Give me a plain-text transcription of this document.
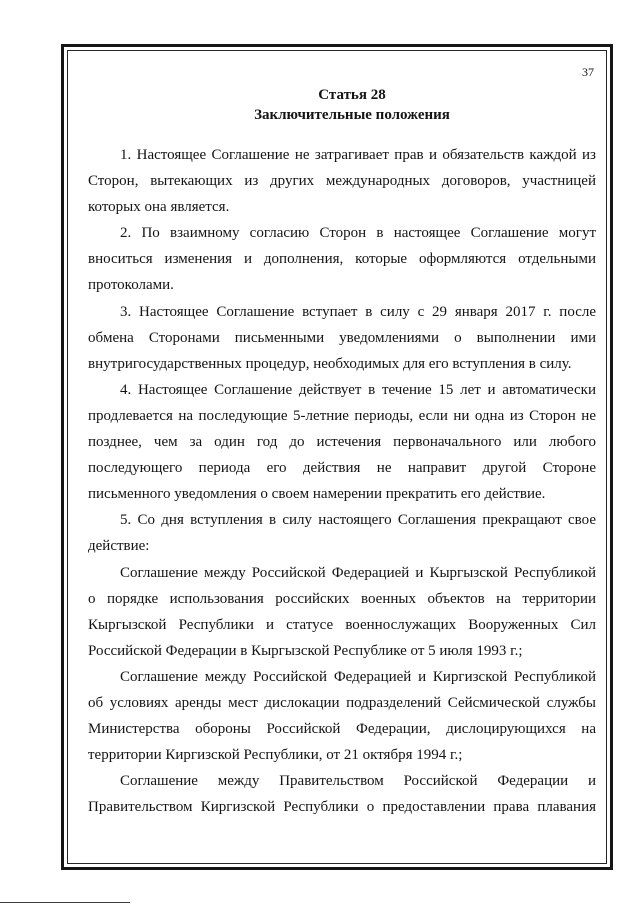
37
Статья 28
Заключительные положения
1. Настоящее Соглашение не затрагивает прав и обязательств каждой из
Сторон, вытекающих из других международных договоров, участницей
которых она является.
2. По взаимному согласию Сторон в настоящее Соглашение могут
вноситься изменения и дополнения, которые оформляются отдельными
протоколами.
3. Настоящее Соглашение вступает в силу с 29 января 2017 г. после
обмена Сторонами письменными уведомлениями о выполнении ими
внутригосударственных процедур, необходимых для его вступления в силу.
4. Настоящее Соглашение действует в течение 15 лет и автоматически
продлевается на последующие 5-летние периоды, если ни одна из Сторон не
позднее, чем за один год до истечения первоначального или любого
последующего периода его действия не направит другой Стороне
письменного уведомления о своем намерении прекратить его действие.
5. Со дня вступления в силу настоящего Соглашения прекращают свое
действие:
Соглашение между Российской Федерацией и Кыргызской Республикой
о порядке использования российских военных объектов на территории
Кыргызской Республики и статусе военнослужащих Вооруженных Сил
Российской Федерации в Кыргызской Республике от 5 июля 1993 г.;
Соглашение между Российской Федерацией и Киргизской Республикой
об условиях аренды мест дислокации подразделений Сейсмической службы
Министерства обороны Российской Федерации, дислоцирующихся на
территории Киргизской Республики, от 21 октября 1994 г.;
Соглашение между Правительством Российской Федерации и
Правительством Киргизской Республики о предоставлении права плавания
